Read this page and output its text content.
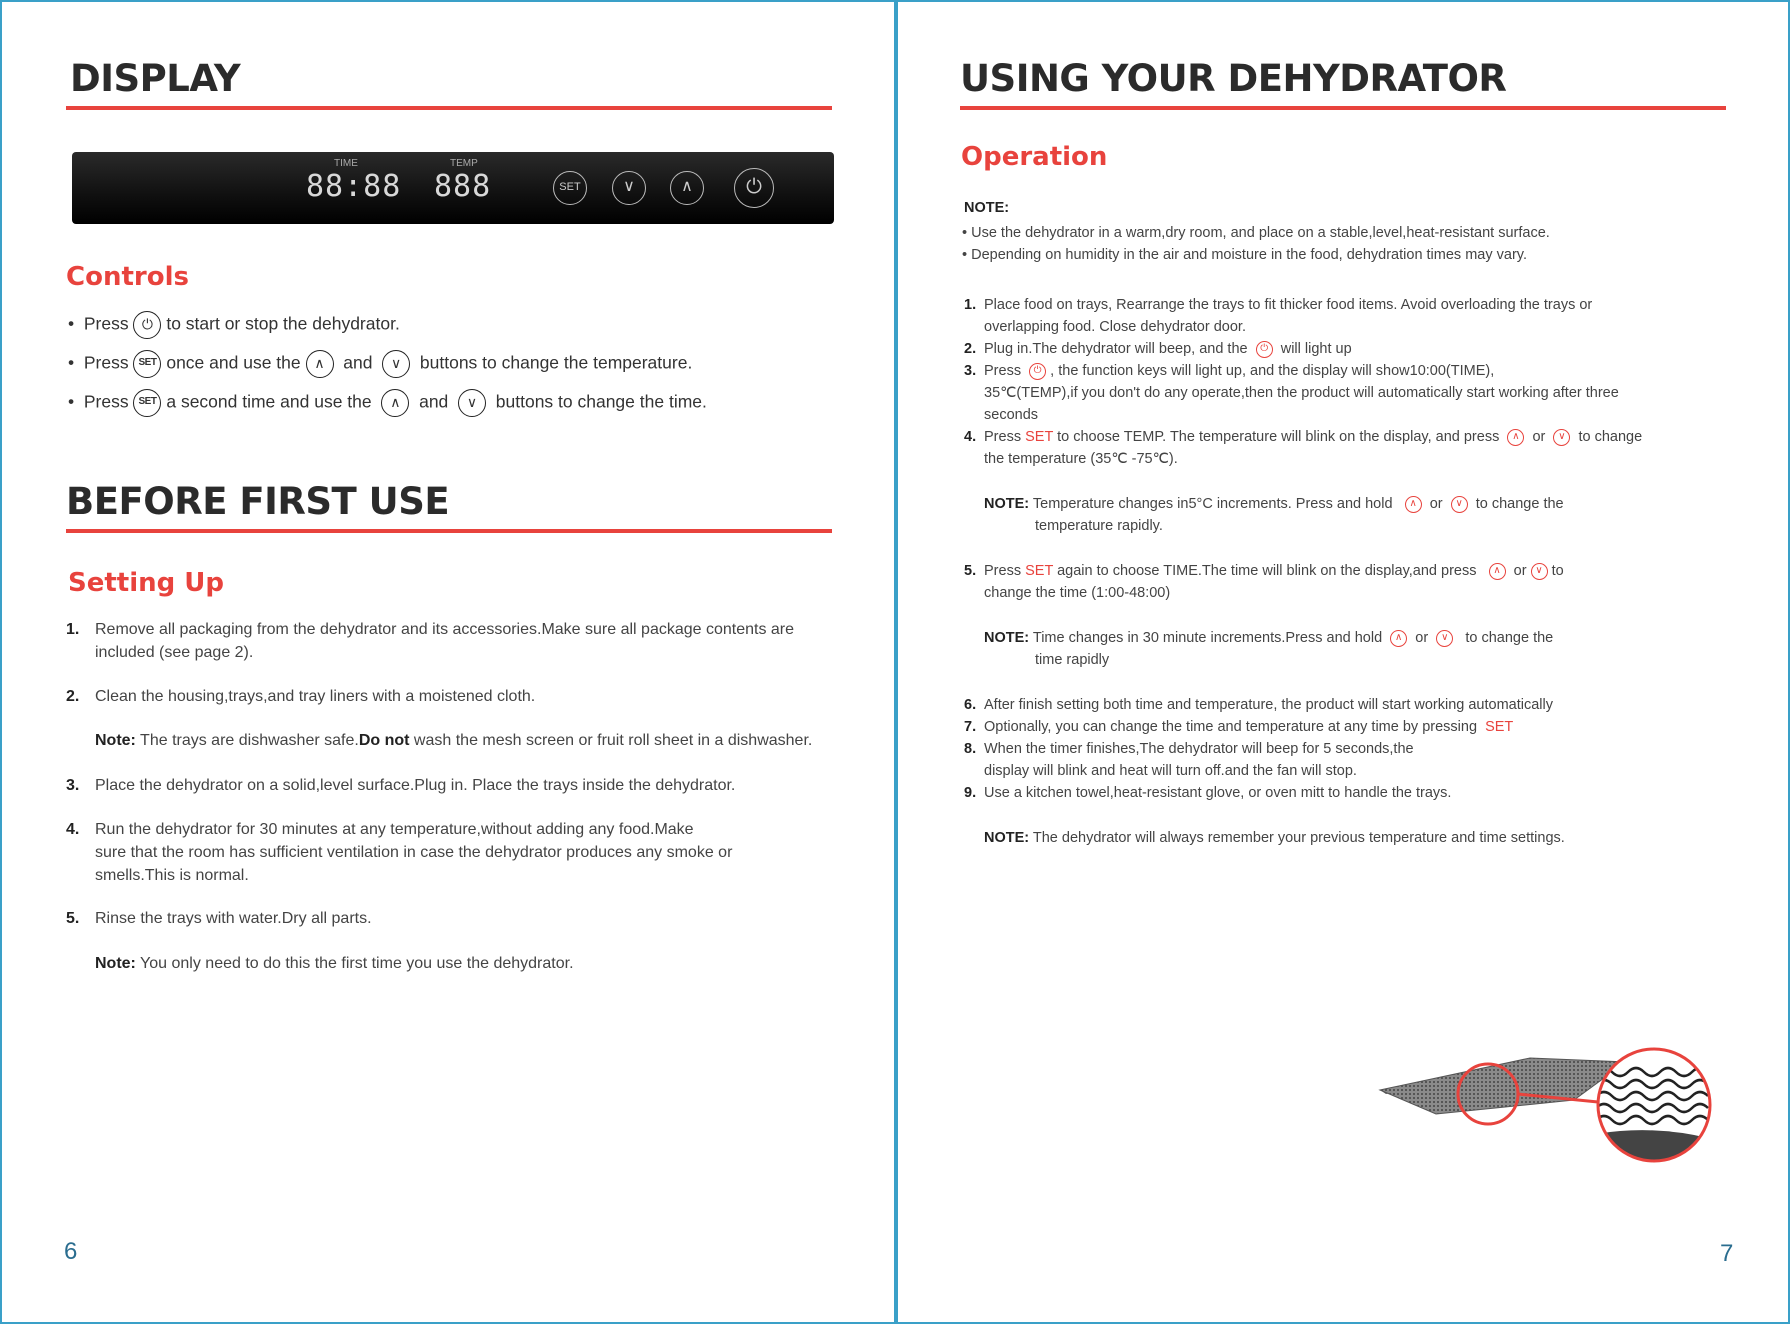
DISPLAY
TIME	TEMP
88:88 888	SET	∨	∧	⏻
Controls
•  Press ⏻ to start or stop the dehydrator.
•  Press SET once and use the ∧ and ∨ buttons to change the temperature.
•  Press SET a second time and use the ∧ and ∨ buttons to change the time.
BEFORE FIRST USE
Setting Up
1. Remove all packaging from the dehydrator and its accessories.Make sure all package contents are
included (see page 2).
2. Clean the housing,trays,and tray liners with a moistened cloth.
Note: The trays are dishwasher safe.Do not wash the mesh screen or fruit roll sheet in a dishwasher.
3. Place the dehydrator on a solid,level surface.Plug in. Place the trays inside the dehydrator.
4. Run the dehydrator for 30 minutes at any temperature,without adding any food.Make
sure that the room has sufficient ventilation in case the dehydrator produces any smoke or
smells.This is normal.
5. Rinse the trays with water.Dry all parts.
Note: You only need to do this the first time you use the dehydrator.
6
USING YOUR DEHYDRATOR
Operation
NOTE:
• Use the dehydrator in a warm,dry room, and place on a stable,level,heat-resistant surface.
• Depending on humidity in the air and moisture in the food, dehydration times may vary.
1. Place food on trays, Rearrange the trays to fit thicker food items. Avoid overloading the trays or
overlapping food. Close dehydrator door.
2. Plug in.The dehydrator will beep, and the ⏻ will light up
3. Press ⏻ , the function keys will light up, and the display will show10:00(TIME),
35℃(TEMP),if you don't do any operate,then the product will automatically start working after three
seconds
4. Press SET to choose TEMP. The temperature will blink on the display, and press ∧ or ∨ to change
the temperature (35℃ -75℃).
NOTE: Temperature changes in5°C increments. Press and hold ∧ or ∨ to change the
temperature rapidly.
5. Press SET again to choose TIME.The time will blink on the display,and press ∧ or ∨ to
change the time (1:00-48:00)
NOTE: Time changes in 30 minute increments.Press and hold ∧ or ∨ to change the
time rapidly
6. After finish setting both time and temperature, the product will start working automatically
7. Optionally, you can change the time and temperature at any time by pressing SET
8. When the timer finishes,The dehydrator will beep for 5 seconds,the
display will blink and heat will turn off.and the fan will stop.
9. Use a kitchen towel,heat-resistant glove, or oven mitt to handle the trays.
NOTE: The dehydrator will always remember your previous temperature and time settings.
7
